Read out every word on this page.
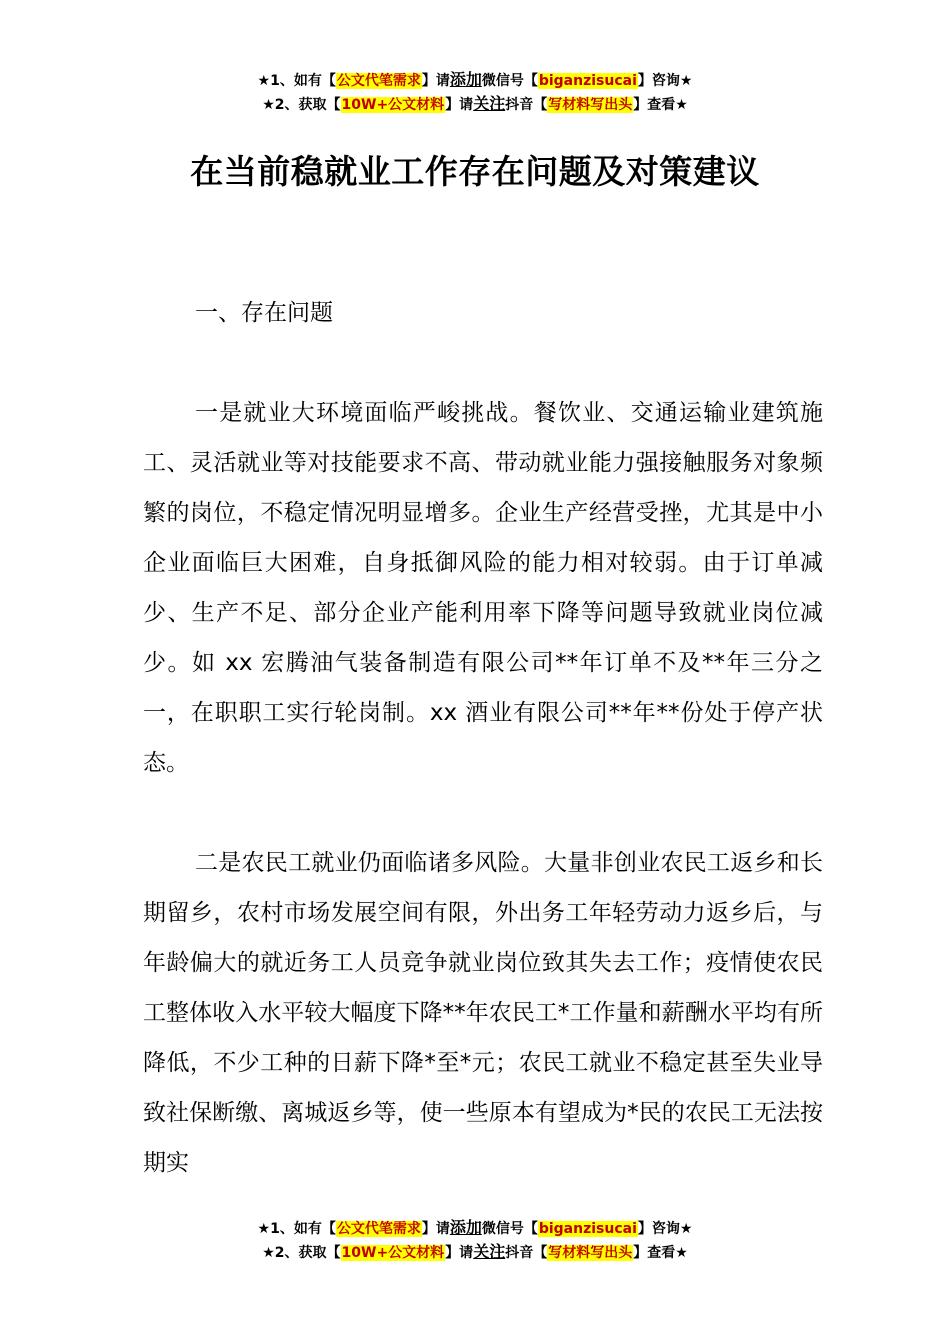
★1、如有【公文代笔需求】请添加微信号【biganzisucai】咨询★
★2、获取【10W+公文材料】请关注抖音【写材料写出头】查看★
在当前稳就业工作存在问题及对策建议

一、存在问题

一是就业大环境面临严峻挑战。餐饮业、交通运输业建筑施工、灵活就业等对技能要求不高、带动就业能力强接触服务对象频繁的岗位，不稳定情况明显增多。企业生产经营受挫，尤其是中小企业面临巨大困难，自身抵御风险的能力相对较弱。由于订单减少、生产不足、部分企业产能利用率下降等问题导致就业岗位减少。如 xx 宏腾油气装备制造有限公司**年订单不及**年三分之一，在职职工实行轮岗制。xx 酒业有限公司**年**份处于停产状态。

二是农民工就业仍面临诸多风险。大量非创业农民工返乡和长期留乡，农村市场发展空间有限，外出务工年轻劳动力返乡后，与年龄偏大的就近务工人员竞争就业岗位致其失去工作；疫情使农民工整体收入水平较大幅度下降**年农民工*工作量和薪酬水平均有所降低，不少工种的日薪下降*至*元；农民工就业不稳定甚至失业导致社保断缴、离城返乡等，使一些原本有望成为*民的农民工无法按期实

★1、如有【公文代笔需求】请添加微信号【biganzisucai】咨询★
★2、获取【10W+公文材料】请关注抖音【写材料写出头】查看★
